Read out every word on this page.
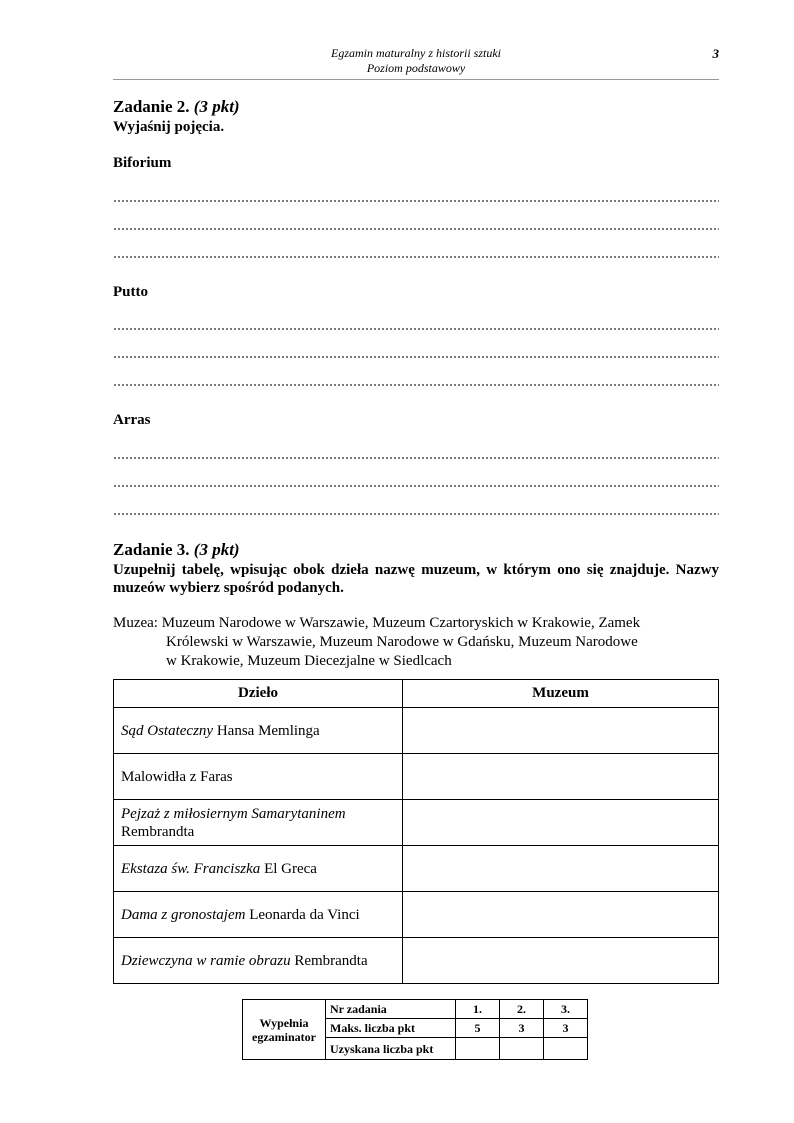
Egzamin maturalny z historii sztuki
Poziom podstawowy
3
Zadanie 2. (3 pkt)
Wyjaśnij pojęcia.
Biforium
Putto
Arras
Zadanie 3. (3 pkt)
Uzupełnij tabelę, wpisując obok dzieła nazwę muzeum, w którym ono się znajduje. Nazwy muzeów wybierz spośród podanych.
Muzea: Muzeum Narodowe w Warszawie, Muzeum Czartoryskich w Krakowie, Zamek
Królewski w Warszawie, Muzeum Narodowe w Gdańsku, Muzeum Narodowe
w Krakowie, Muzeum Diecezjalne w Siedlcach
Dzieło	Muzeum
Sąd Ostateczny Hansa Memlinga	
Malowidła z Faras	
Pejzaż z miłosiernym Samarytaninem
Rembrandta	
Ekstaza św. Franciszka El Greca	
Dama z gronostajem Leonarda da Vinci	
Dziewczyna w ramie obrazu Rembrandta	
Wypełnia egzaminator	Nr zadania	1.	2.	3.
	Maks. liczba pkt	5	3	3
	Uzyskana liczba pkt			
